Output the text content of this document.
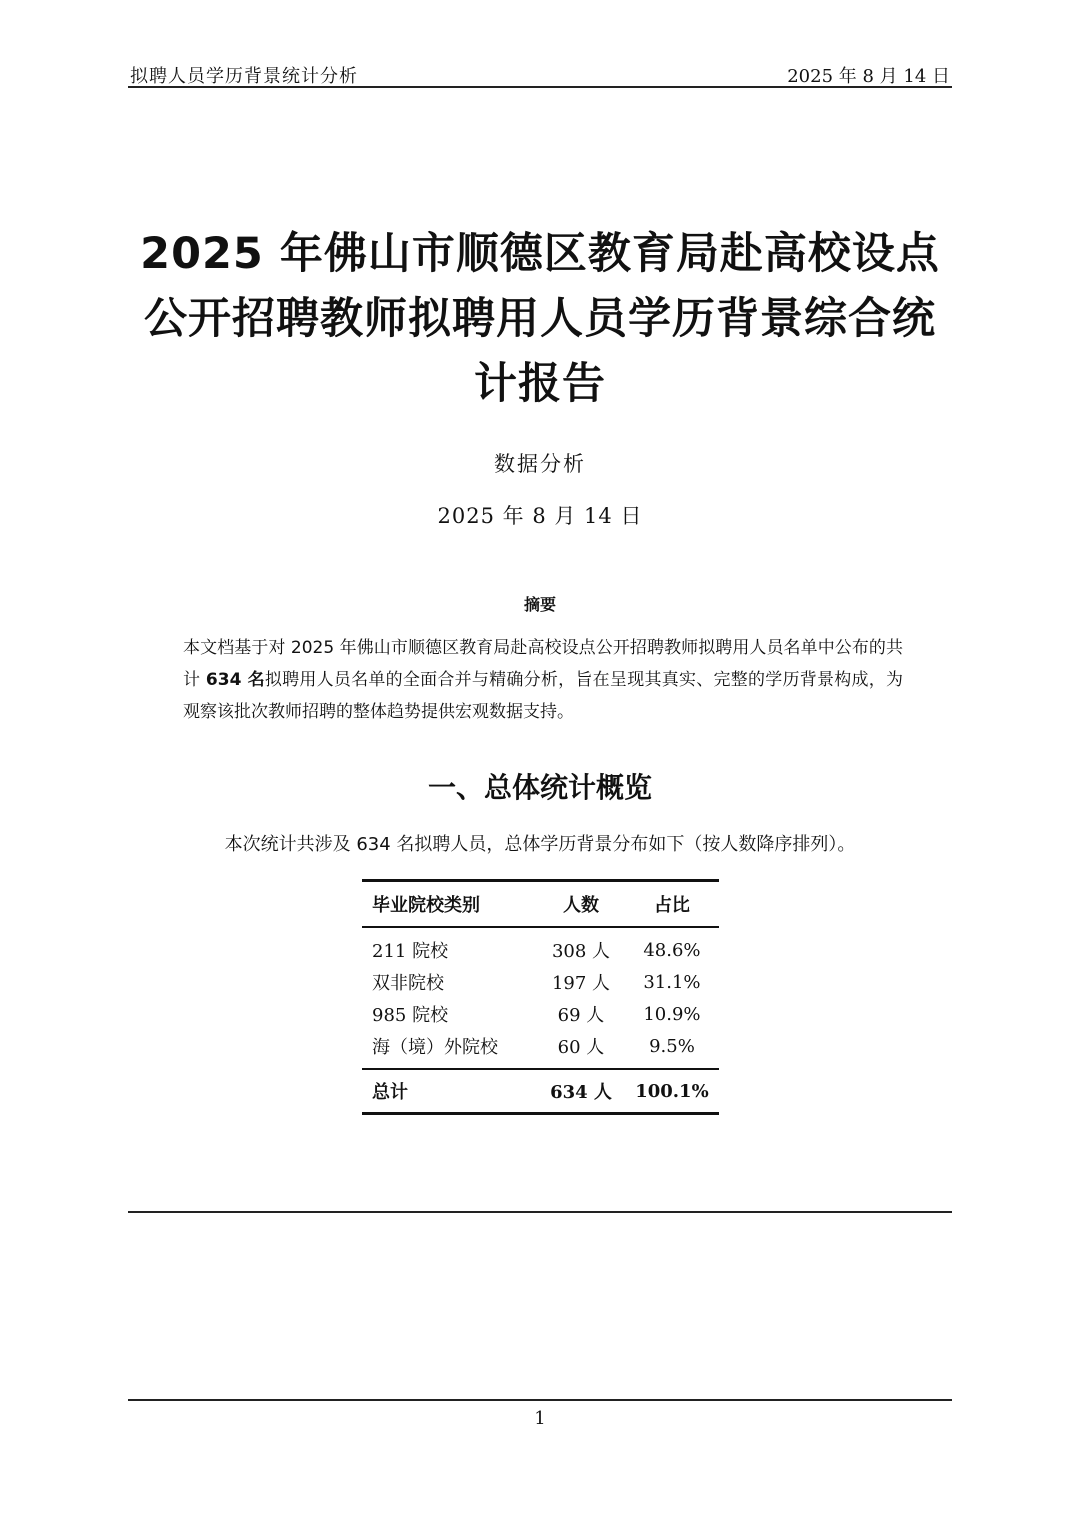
拟聘人员学历背景统计分析	2025 年 8 月 14 日
2025 年佛山市顺德区教育局赴高校设点
公开招聘教师拟聘用人员学历背景综合统
计报告
数据分析
2025 年 8 月 14 日
摘要
本文档基于对 2025 年佛山市顺德区教育局赴高校设点公开招聘教师拟聘用人员名单中公布的共计 634 名拟聘用人员名单的全面合并与精确分析，旨在呈现其真实、完整的学历背景构成，为观察该批次教师招聘的整体趋势提供宏观数据支持。
一、总体统计概览
本次统计共涉及 634 名拟聘人员，总体学历背景分布如下（按人数降序排列）。
毕业院校类别	人数	占比
211 院校	308 人	48.6%
双非院校	197 人	31.1%
985 院校	69 人	10.9%
海（境）外院校	60 人	9.5%
总计	634 人	100.1%
1
